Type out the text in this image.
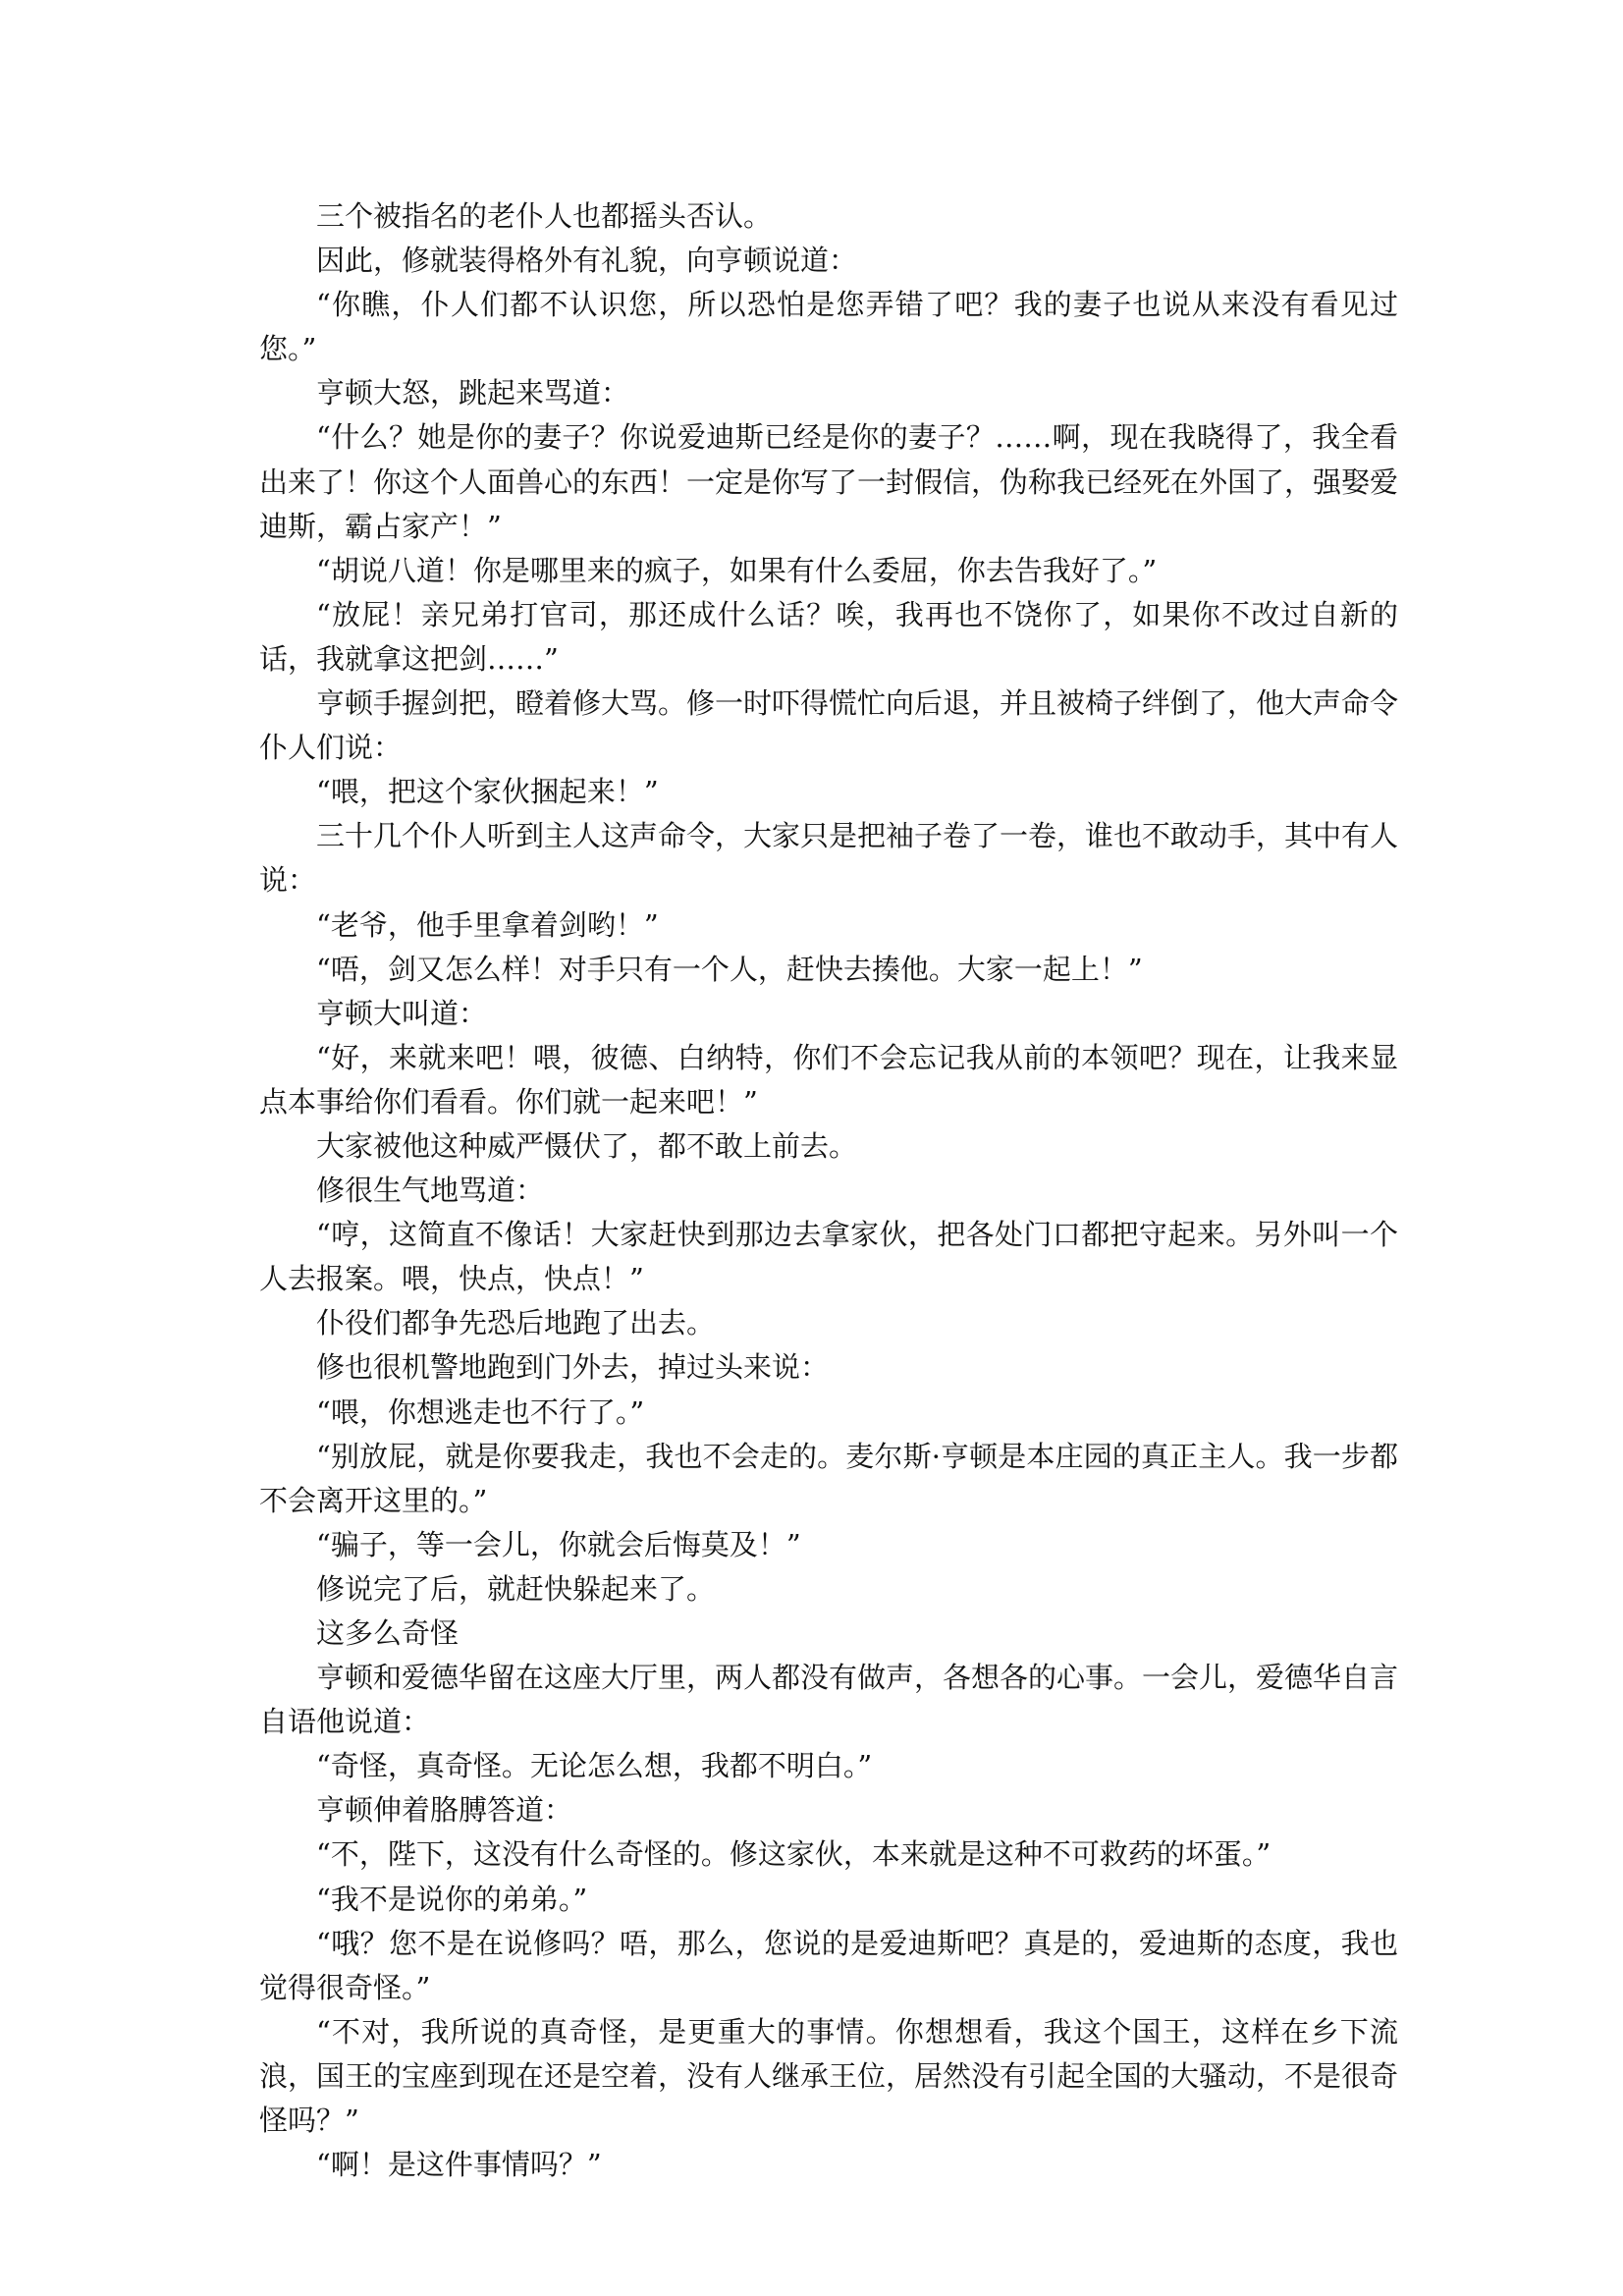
三个被指名的老仆人也都摇头否认。

因此，修就装得格外有礼貌，向亨顿说道：

“你瞧，仆人们都不认识您，所以恐怕是您弄错了吧？我的妻子也说从来没有看见过您。”

亨顿大怒，跳起来骂道：

“什么？她是你的妻子？你说爱迪斯已经是你的妻子？……啊，现在我晓得了，我全看出来了！你这个人面兽心的东西！一定是你写了一封假信，伪称我已经死在外国了，强娶爱迪斯，霸占家产！”

“胡说八道！你是哪里来的疯子，如果有什么委屈，你去告我好了。”

“放屁！亲兄弟打官司，那还成什么话？唉，我再也不饶你了，如果你不改过自新的话，我就拿这把剑……”

亨顿手握剑把，瞪着修大骂。修一时吓得慌忙向后退，并且被椅子绊倒了，他大声命令仆人们说：

“喂，把这个家伙捆起来！”

三十几个仆人听到主人这声命令，大家只是把袖子卷了一卷，谁也不敢动手，其中有人说：

“老爷，他手里拿着剑哟！”

“唔，剑又怎么样！对手只有一个人，赶快去揍他。大家一起上！”

亨顿大叫道：

“好，来就来吧！喂，彼德、白纳特，你们不会忘记我从前的本领吧？现在，让我来显点本事给你们看看。你们就一起来吧！”

大家被他这种威严慑伏了，都不敢上前去。

修很生气地骂道：

“哼，这简直不像话！大家赶快到那边去拿家伙，把各处门口都把守起来。另外叫一个人去报案。喂，快点，快点！”

仆役们都争先恐后地跑了出去。

修也很机警地跑到门外去，掉过头来说：

“喂，你想逃走也不行了。”

“别放屁，就是你要我走，我也不会走的。麦尔斯·亨顿是本庄园的真正主人。我一步都不会离开这里的。”

“骗子，等一会儿，你就会后悔莫及！”

修说完了后，就赶快躲起来了。

这多么奇怪

亨顿和爱德华留在这座大厅里，两人都没有做声，各想各的心事。一会儿，爱德华自言自语他说道：

“奇怪，真奇怪。无论怎么想，我都不明白。”

亨顿伸着胳膊答道：

“不，陛下，这没有什么奇怪的。修这家伙，本来就是这种不可救药的坏蛋。”

“我不是说你的弟弟。”

“哦？您不是在说修吗？唔，那么，您说的是爱迪斯吧？真是的，爱迪斯的态度，我也觉得很奇怪。”

“不对，我所说的真奇怪，是更重大的事情。你想想看，我这个国王，这样在乡下流浪，国王的宝座到现在还是空着，没有人继承王位，居然没有引起全国的大骚动，不是很奇怪吗？”

“啊！是这件事情吗？”
